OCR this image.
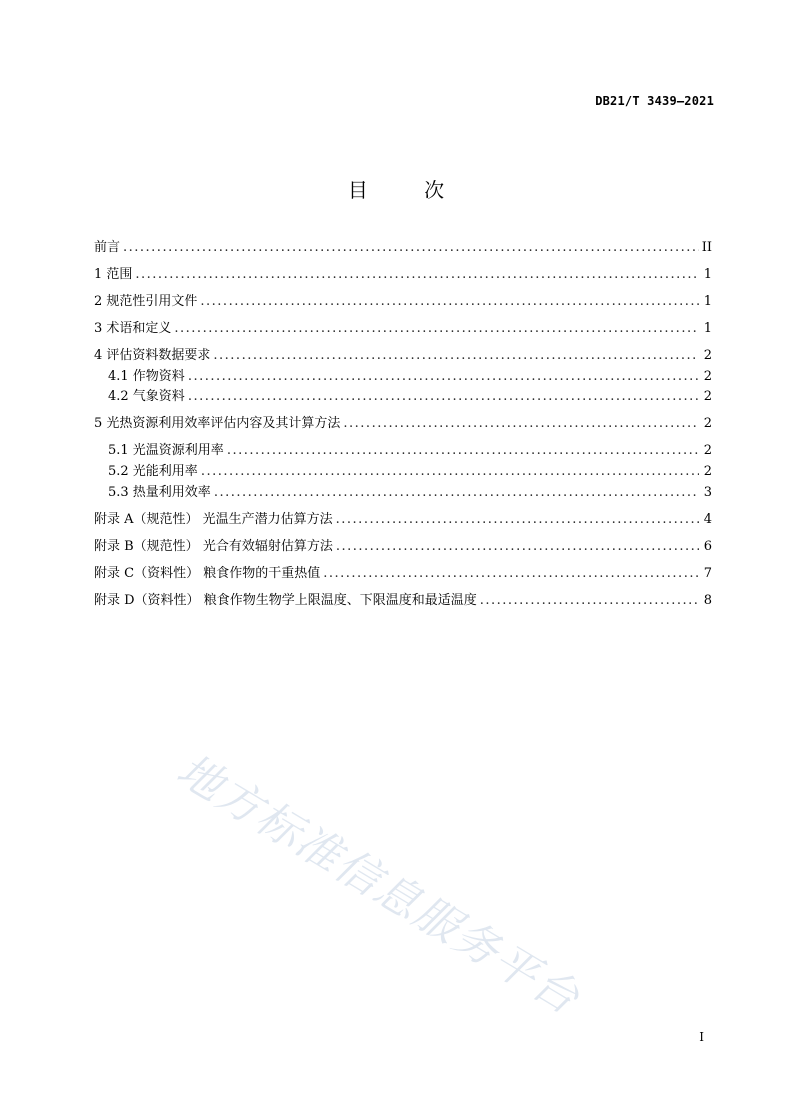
DB21/T 3439—2021
目 次
前言 .....	II
1 范围 .....	1
2 规范性引用文件 .....	1
3 术语和定义 .....	1
4 评估资料数据要求 .....	2
4.1 作物资料 .....	2
4.2 气象资料 .....	2
5 光热资源利用效率评估内容及其计算方法 .....	2
5.1 光温资源利用率 .....	2
5.2 光能利用率 .....	2
5.3 热量利用效率 .....	3
附录 A（规范性） 光温生产潜力估算方法 .....	4
附录 B（规范性） 光合有效辐射估算方法 .....	6
附录 C（资料性） 粮食作物的干重热值 .....	7
附录 D（资料性） 粮食作物生物学上限温度、下限温度和最适温度 .....	8
地方标准信息服务平台
I
